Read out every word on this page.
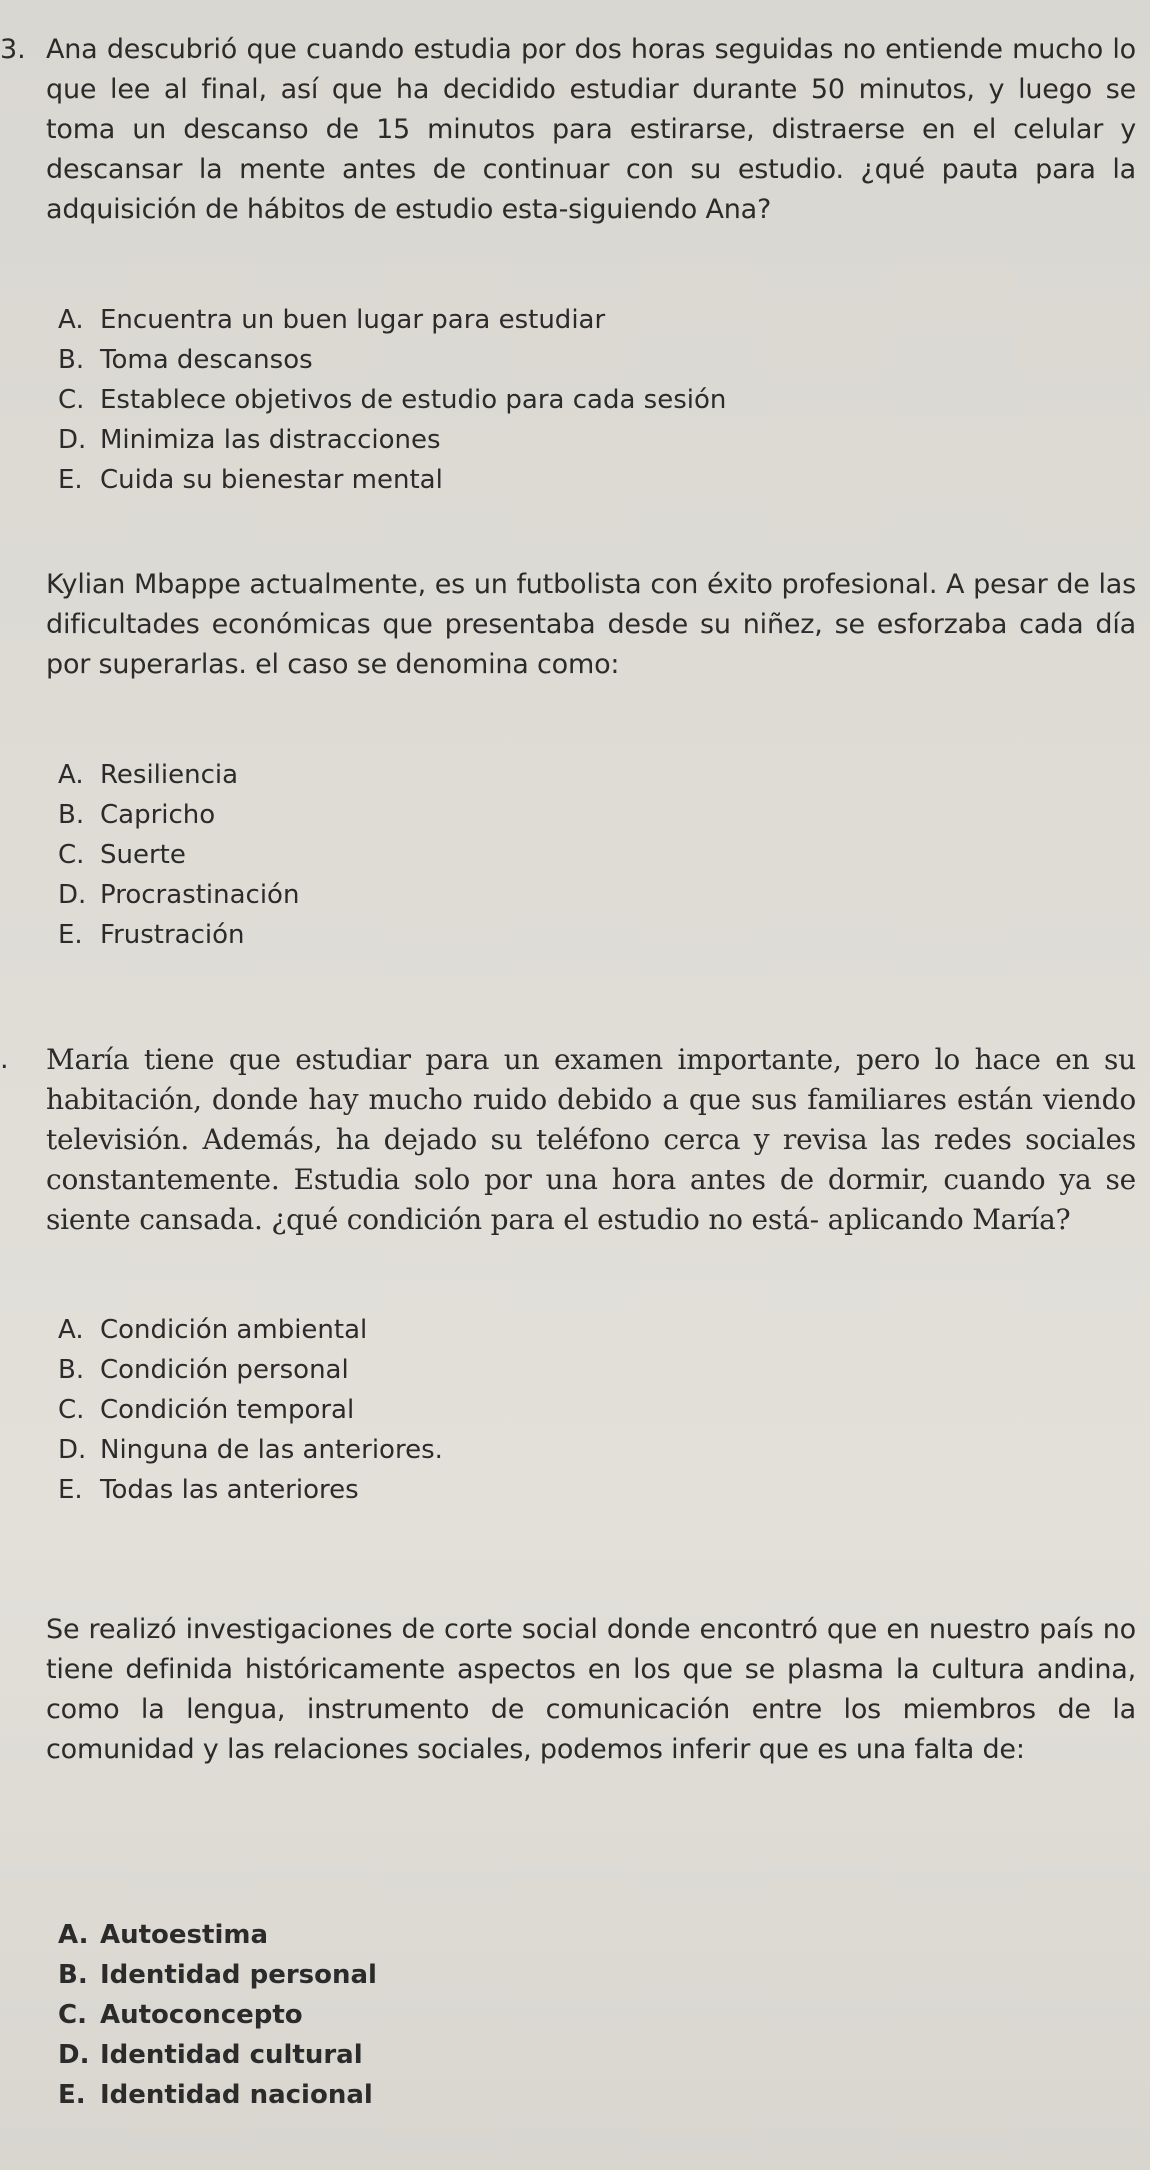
3. Ana descubrió que cuando estudia por dos horas seguidas no entiende mucho lo que lee al final, así que ha decidido estudiar durante 50 minutos, y luego se toma un descanso de 15 minutos para estirarse, distraerse en el celular y descansar la mente antes de continuar con su estudio. ¿qué pauta para la adquisición de hábitos de estudio esta-siguiendo Ana?

A. Encuentra un buen lugar para estudiar
B. Toma descansos
C. Establece objetivos de estudio para cada sesión
D. Minimiza las distracciones
E. Cuida su bienestar mental

Kylian Mbappe actualmente, es un futbolista con éxito profesional. A pesar de las dificultades económicas que presentaba desde su niñez, se esforzaba cada día por superarlas. el caso se denomina como:

A. Resiliencia
B. Capricho
C. Suerte
D. Procrastinación
E. Frustración
. María tiene que estudiar para un examen importante, pero lo hace en su habitación, donde hay mucho ruido debido a que sus familiares están viendo televisión. Además, ha dejado su teléfono cerca y revisa las redes sociales constantemente. Estudia solo por una hora antes de dormir, cuando ya se siente cansada. ¿qué condición para el estudio no está- aplicando María?

A. Condición ambiental
B. Condición personal
C. Condición temporal
D. Ninguna de las anteriores.
E. Todas las anteriores

Se realizó investigaciones de corte social donde encontró que en nuestro país no tiene definida históricamente aspectos en los que se plasma la cultura andina, como la lengua, instrumento de comunicación entre los miembros de la comunidad y las relaciones sociales, podemos inferir que es una falta de:

A. Autoestima
B. Identidad personal
C. Autoconcepto
D. Identidad cultural
E. Identidad nacional
